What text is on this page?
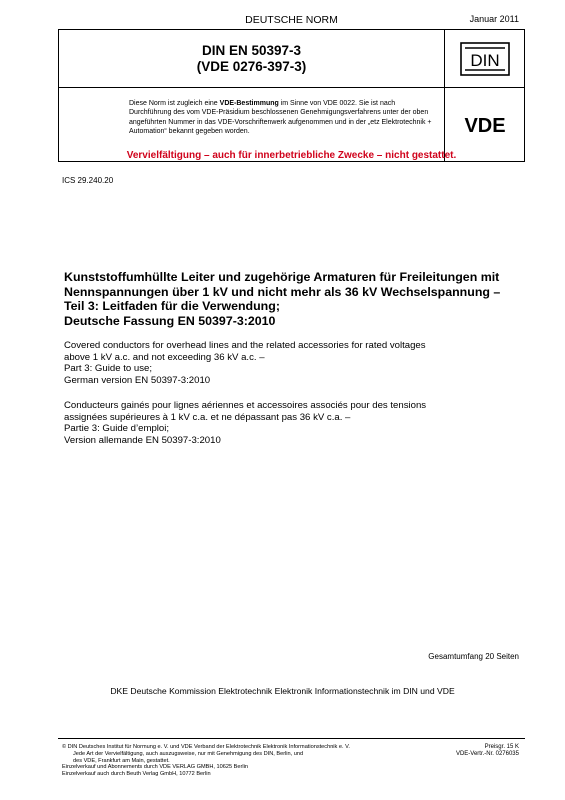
DEUTSCHE NORM	Januar 2011
DIN EN 50397-3
(VDE 0276-397-3)	DIN
Diese Norm ist zugleich eine VDE-Bestimmung im Sinne von VDE 0022. Sie ist nach Durchführung des vom VDE-Präsidium beschlossenen Genehmigungsverfahrens unter der oben angeführten Nummer in das VDE-Vorschriftenwerk aufgenommen und in der „etz Elektrotechnik + Automation“ bekannt gegeben worden.	VDE
Vervielfältigung – auch für innerbetriebliche Zwecke – nicht gestattet.
ICS 29.240.20
Kunststoffumhüllte Leiter und zugehörige Armaturen für Freileitungen mit
Nennspannungen über 1 kV und nicht mehr als 36 kV Wechselspannung –
Teil 3: Leitfaden für die Verwendung;
Deutsche Fassung EN 50397-3:2010
Covered conductors for overhead lines and the related accessories for rated voltages
above 1 kV a.c. and not exceeding 36 kV a.c. –
Part 3: Guide to use;
German version EN 50397-3:2010
Conducteurs gainés pour lignes aériennes et accessoires associés pour des tensions
assignées supérieures à 1 kV c.a. et ne dépassant pas 36 kV c.a. –
Partie 3: Guide d’emploi;
Version allemande EN 50397-3:2010
Gesamtumfang 20 Seiten
DKE Deutsche Kommission Elektrotechnik Elektronik Informationstechnik im DIN und VDE
© DIN Deutsches Institut für Normung e. V. und VDE Verband der Elektrotechnik Elektronik Informationstechnik e. V.
Jede Art der Vervielfältigung, auch auszugsweise, nur mit Genehmigung des DIN, Berlin, und
des VDE, Frankfurt am Main, gestattet.
Einzelverkauf und Abonnements durch VDE VERLAG GMBH, 10625 Berlin
Einzelverkauf auch durch Beuth Verlag GmbH, 10772 Berlin
Preisgr. 15 K
VDE-Vertr.-Nr. 0276035
